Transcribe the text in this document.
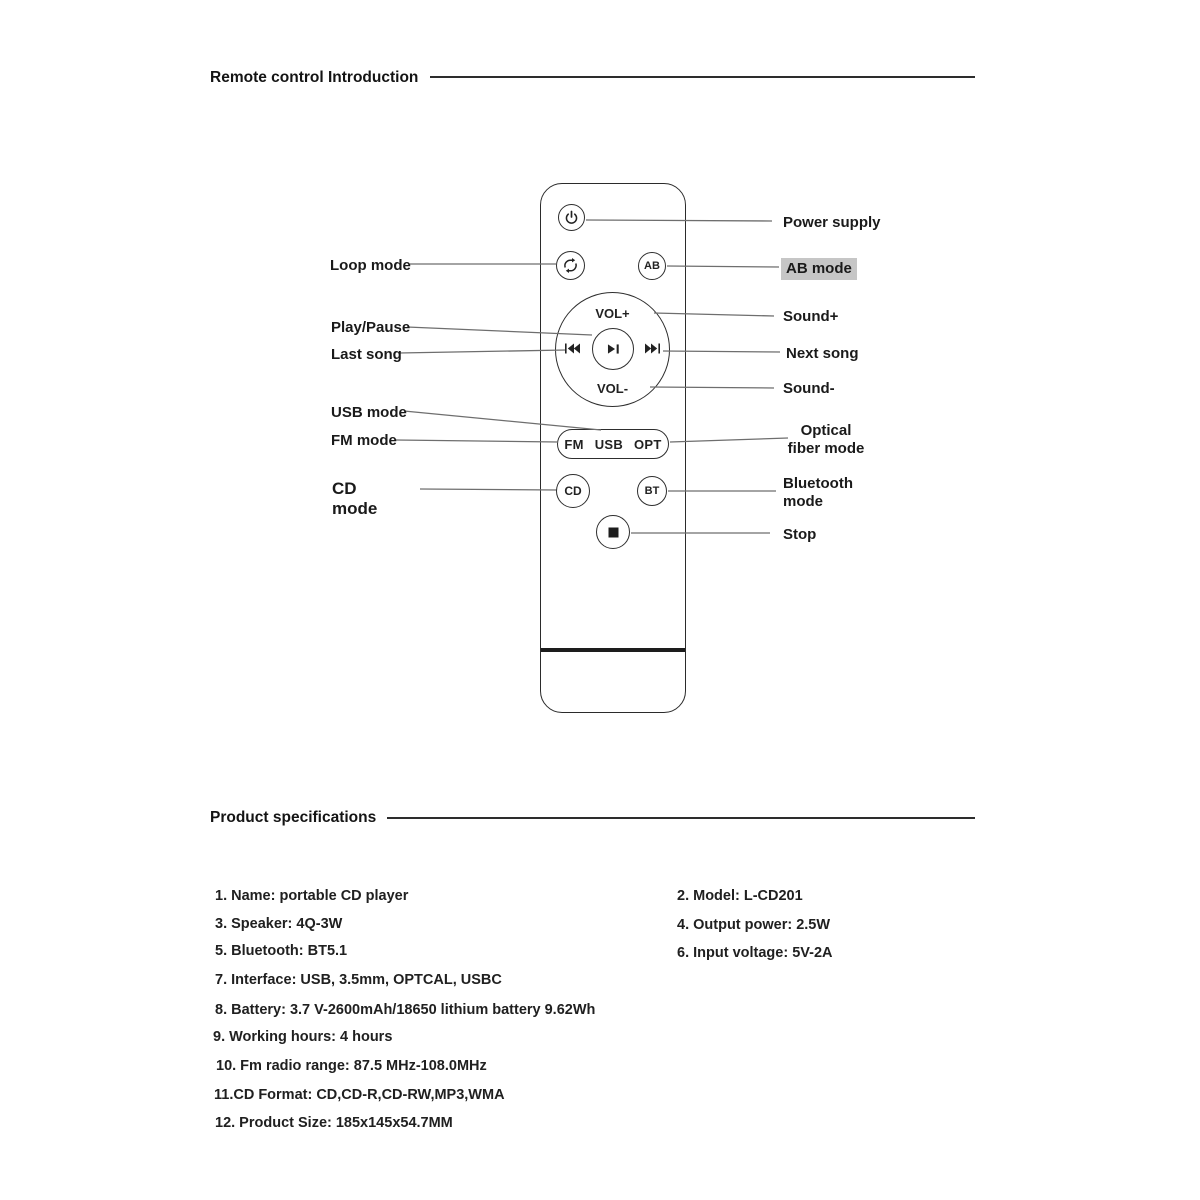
Remote control Introduction
Product specifications
FM USB OPT
AB
VOL+
VOL-
CD	BT
Loop mode
Play/Pause
Last song
USB mode
FM mode
CD
mode
Power supply
AB mode
Sound+
Next song
Sound-
Optical
fiber mode
Bluetooth
mode
Stop
1. Name: portable CD player
3. Speaker: 4Q-3W
5. Bluetooth: BT5.1
7. Interface: USB, 3.5mm, OPTCAL, USBC
8. Battery: 3.7 V-2600mAh/18650 lithium battery 9.62Wh
9. Working hours: 4 hours
10. Fm radio range: 87.5 MHz-108.0MHz
11.CD Format: CD,CD-R,CD-RW,MP3,WMA
12. Product Size: 185x145x54.7MM
2. Model: L-CD201
4. Output power: 2.5W
6. Input voltage: 5V-2A
